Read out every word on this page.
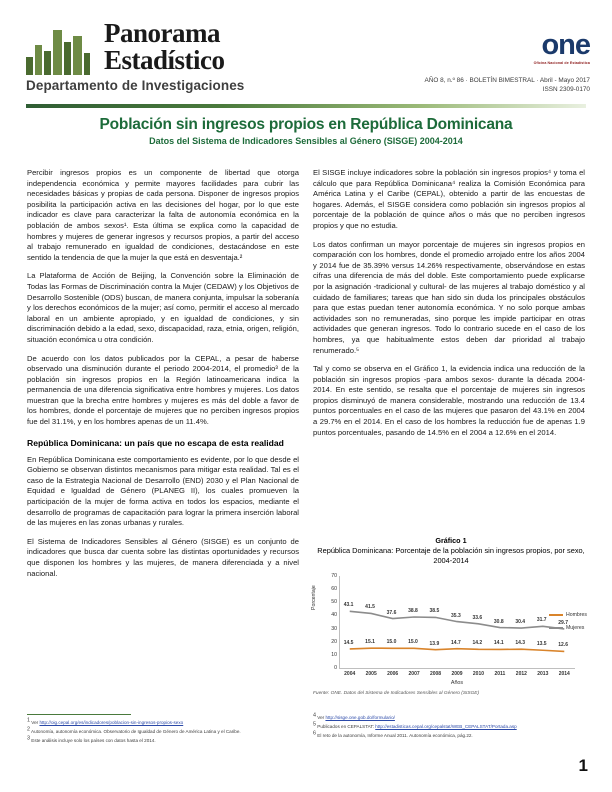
Panorama
Estadístico
Departamento de Investigaciones
one
Oficina Nacional de Estadística
AÑO 8, n.º 86 · BOLETÍN BIMESTRAL · Abril - Mayo 2017
ISSN 2309-0170
Población sin ingresos propios en República Dominicana
Datos del Sistema de Indicadores Sensibles al Género (SISGE) 2004-2014

Percibir ingresos propios es un componente de libertad que otorga independencia económica y permite mayores facilidades para cubrir las necesidades básicas y propias de cada persona. Disponer de ingresos propios posibilita la participación activa en las decisiones del hogar, por lo que este indicador es clave para caracterizar la falta de autonomía económica en la población de ambos sexos¹. Esta última se explica como la capacidad de hombres y mujeres de generar ingresos y recursos propios, a partir del acceso al trabajo remunerado en igualdad de condiciones, destacándose en este sentido la tendencia de que la mujer la que está en desventaja.²

La Plataforma de Acción de Beijing, la Convención sobre la Eliminación de Todas las Formas de Discriminación contra la Mujer (CEDAW) y los Objetivos de Desarrollo Sostenible (ODS) buscan, de manera conjunta, impulsar la soberanía y los derechos económicos de la mujer; así como, permitir el acceso al mercado laboral en un ambiente apropiado, y en igualdad de condiciones, y sin discriminación debido a la edad, sexo, discapacidad, raza, etnia, origen, religión, situación económica u otra condición.

De acuerdo con los datos publicados por la CEPAL, a pesar de haberse observado una disminución durante el periodo 2004-2014, el promedio³ de la población sin ingresos propios en la Región latinoamericana indica la permanencia de una diferencia significativa entre hombres y mujeres. Los datos muestran que la brecha entre hombres y mujeres es más del doble a favor de los hombres, donde el porcentaje de mujeres que no perciben ingresos propios fue del 31.1%, y en los hombres apenas de un 11.4%.

República Dominicana: un país que no escapa de esta realidad

En República Dominicana este comportamiento es evidente, por lo que desde el Gobierno se observan distintos mecanismos para mitigar esta realidad. Tal es el caso de la Estrategia Nacional de Desarrollo (END) 2030 y el Plan Nacional de Equidad e Igualdad de Género (PLANEG II), los cuales promueven la participación de la mujer de forma activa en todos los espacios, mediante el desarrollo de programas de capacitación para lograr la primera inserción laboral de las mujeres en las zonas urbanas y rurales.

El Sistema de Indicadores Sensibles al Género (SISGE) es un conjunto de indicadores que busca dar cuenta sobre las distintas oportunidades y recursos que disponen los hombres y las mujeres, de manera diferenciada y a nivel nacional.

El SISGE incluye indicadores sobre la población sin ingresos propios⁴ y toma el cálculo que para República Dominicana⁴ realiza la Comisión Económica para América Latina y el Caribe (CEPAL), obtenido a partir de las encuestas de hogares. Además, el SISGE considera como población sin ingresos propios al porcentaje de la población de quince años o más que no perciben ingresos propios y que no estudia.

Los datos confirman un mayor porcentaje de mujeres sin ingresos propios en comparación con los hombres, donde el promedio arrojado entre los años 2004 y 2014 fue de 35.39% versus 14.26% respectivamente, observándose en estas cifras una diferencia de más del doble. Este comportamiento puede explicarse por la asignación -tradicional y cultural- de las mujeres al trabajo doméstico y al cuidado de familiares; tareas que han sido sin duda los principales obstáculos para que estas puedan tener autonomía económica. Y no solo porque ambas actividades son no remuneradas, sino porque les impide participar en otras actividades que generan ingresos. Todo lo contrario sucede en el caso de los hombres, ya que habitualmente estos deben dar prioridad al trabajo renumerado.⁵

Tal y como se observa en el Gráfico 1, la evidencia indica una reducción de la población sin ingresos propios -para ambos sexos- durante la década 2004-2014. En este sentido, se resalta que el porcentaje de mujeres sin ingresos propios disminuyó de manera considerable, mostrando una reducción de 13.4 puntos porcentuales en el caso de las mujeres que pasaron del 43.1% en 2004 a 29.7% en el 2014. En el caso de los hombres la reducción fue de apenas 1.9 puntos porcentuales, pasando de 14.5% en el 2004 a 12.6% en el 2014.

Gráfico 1
República Dominicana: Porcentaje de la población sin ingresos propios, por sexo, 2004-2014
Porcentaje
Años
Hombres
Mujeres
0
10
20
30
40
50
60
70
2004	2005	2006	2007	2008	2009	2010	2011	2012	2013	2014
43.1 41.5
37.6 38.8 38.5
35.3 33.6
30.8 30.4 31.7 29.7
14.5 15.1 15.0 15.0 13.9 14.7 14.2 14.1 14.3 13.5 12.6
Fuente: ONE. Datos del Sistema de Indicadores Sensibles al Género (SISGE)

$^1$ Ver http://oig.cepal.org/es/indicadores/poblacion-sin-ingresos-propios-sexo

$^2$ Autonomía, autonomía económica. Observatorio de Igualdad de Género de América Latina y el Caribe.

$^3$ Este análisis incluye solo los países con datos hasta el 2014.

$^4$ Ver http://sisge.one.gob.do/formulario/

$^5$ Publicados en CEPALSTAT: http://estadisticas.cepal.org/cepalstat/WEB_CEPALSTAT/Portada.asp

$^6$ El reto de la autonomía, Informe Anual 2011. Autonomía económica, pág.22.

1
